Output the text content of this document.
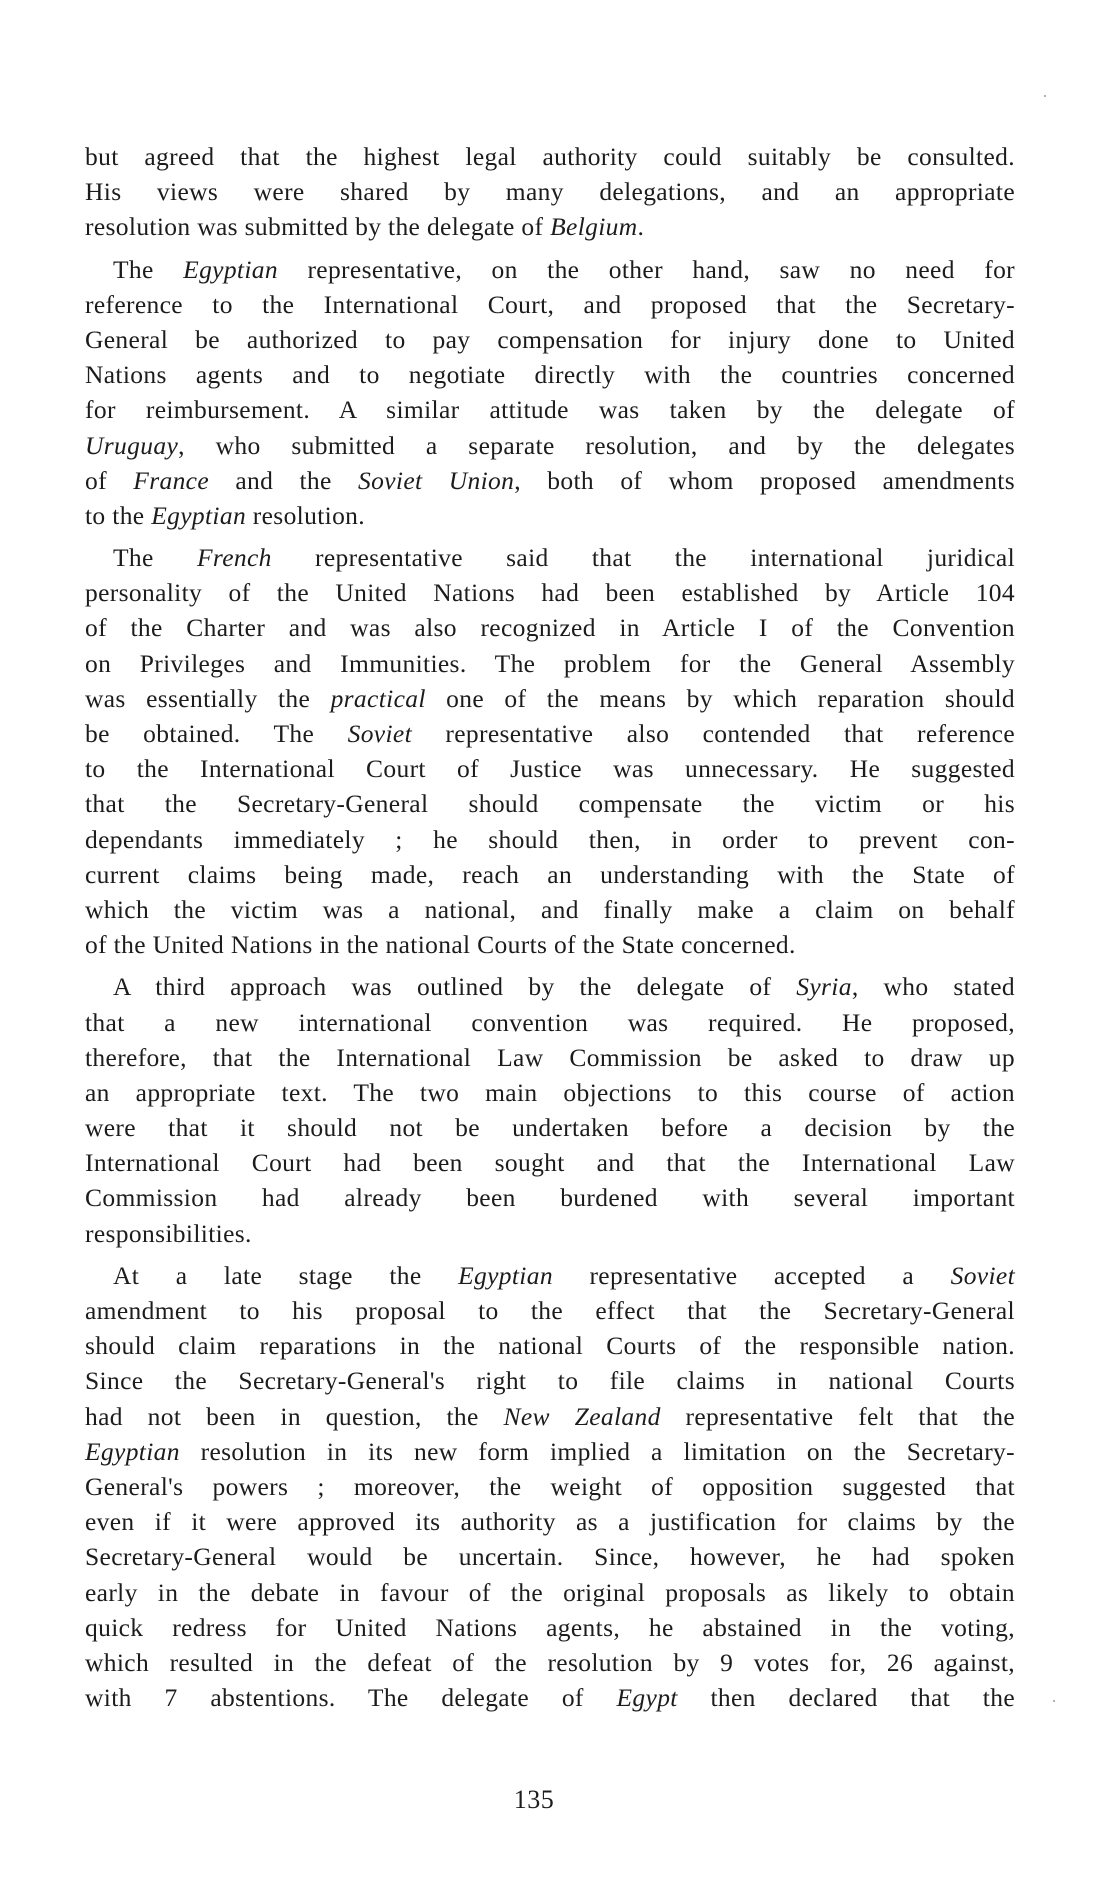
but agreed that the highest legal authority could suitably be consulted.
His views were shared by many delegations, and an appropriate
resolution was submitted by the delegate of Belgium.
The Egyptian representative, on the other hand, saw no need for
reference to the International Court, and proposed that the Secretary-
General be authorized to pay compensation for injury done to United
Nations agents and to negotiate directly with the countries concerned
for reimbursement. A similar attitude was taken by the delegate of
Uruguay, who submitted a separate resolution, and by the delegates
of France and the Soviet Union, both of whom proposed amendments
to the Egyptian resolution.
The French representative said that the international juridical
personality of the United Nations had been established by Article 104
of the Charter and was also recognized in Article I of the Convention
on Privileges and Immunities. The problem for the General Assembly
was essentially the practical one of the means by which reparation should
be obtained. The Soviet representative also contended that reference
to the International Court of Justice was unnecessary. He suggested
that the Secretary-General should compensate the victim or his
dependants immediately ; he should then, in order to prevent con-
current claims being made, reach an understanding with the State of
which the victim was a national, and finally make a claim on behalf
of the United Nations in the national Courts of the State concerned.
A third approach was outlined by the delegate of Syria, who stated
that a new international convention was required. He proposed,
therefore, that the International Law Commission be asked to draw up
an appropriate text. The two main objections to this course of action
were that it should not be undertaken before a decision by the
International Court had been sought and that the International Law
Commission had already been burdened with several important
responsibilities.
At a late stage the Egyptian representative accepted a Soviet
amendment to his proposal to the effect that the Secretary-General
should claim reparations in the national Courts of the responsible nation.
Since the Secretary-General's right to file claims in national Courts
had not been in question, the New Zealand representative felt that the
Egyptian resolution in its new form implied a limitation on the Secretary-
General's powers ; moreover, the weight of opposition suggested that
even if it were approved its authority as a justification for claims by the
Secretary-General would be uncertain. Since, however, he had spoken
early in the debate in favour of the original proposals as likely to obtain
quick redress for United Nations agents, he abstained in the voting,
which resulted in the defeat of the resolution by 9 votes for, 26 against,
with 7 abstentions. The delegate of Egypt then declared that the
135
